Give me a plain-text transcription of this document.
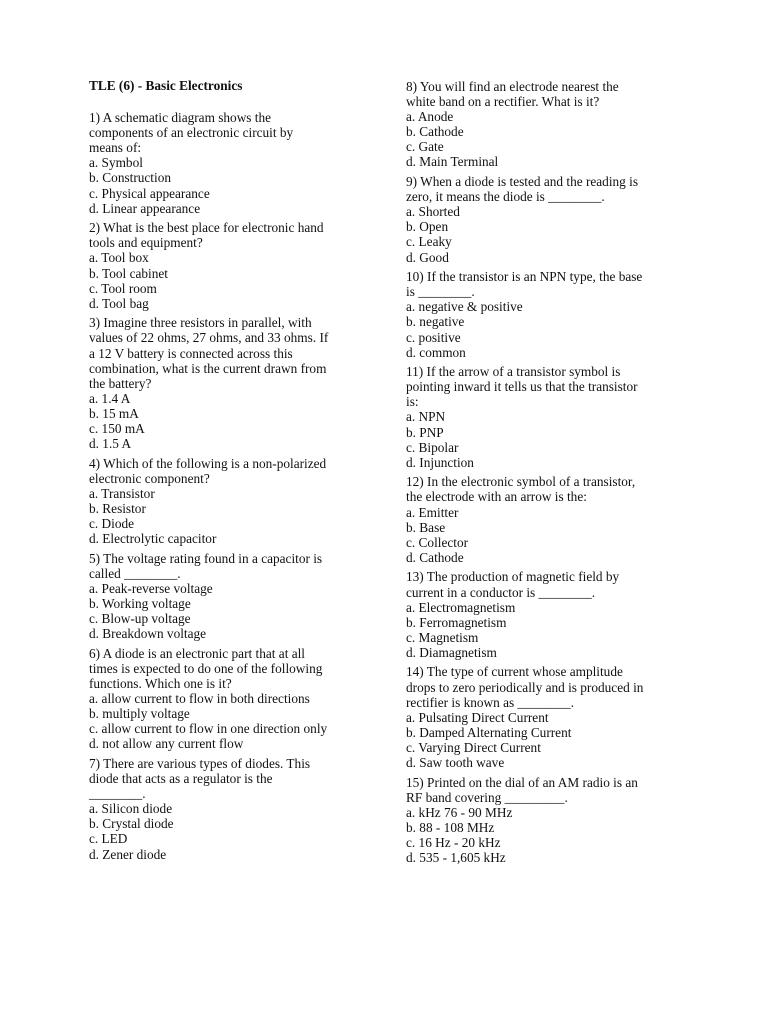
TLE (6) - Basic Electronics
1) A schematic diagram shows the
components of an electronic circuit by
means of:
a. Symbol
b. Construction
c. Physical appearance
d. Linear appearance
2) What is the best place for electronic hand
tools and equipment?
a. Tool box
b. Tool cabinet
c. Tool room
d. Tool bag
3) Imagine three resistors in parallel, with
values of 22 ohms, 27 ohms, and 33 ohms. If
a 12 V battery is connected across this
combination, what is the current drawn from
the battery?
a. 1.4 A
b. 15 mA
c. 150 mA
d. 1.5 A
4) Which of the following is a non-polarized
electronic component?
a. Transistor
b. Resistor
c. Diode
d. Electrolytic capacitor
5) The voltage rating found in a capacitor is
called ________.
a. Peak-reverse voltage
b. Working voltage
c. Blow-up voltage
d. Breakdown voltage
6) A diode is an electronic part that at all
times is expected to do one of the following
functions. Which one is it?
a. allow current to flow in both directions
b. multiply voltage
c. allow current to flow in one direction only
d. not allow any current flow
7) There are various types of diodes. This
diode that acts as a regulator is the
________.
a. Silicon diode
b. Crystal diode
c. LED
d. Zener diode
8) You will find an electrode nearest the
white band on a rectifier. What is it?
a. Anode
b. Cathode
c. Gate
d. Main Terminal
9) When a diode is tested and the reading is
zero, it means the diode is ________.
a. Shorted
b. Open
c. Leaky
d. Good
10) If the transistor is an NPN type, the base
is ________.
a. negative & positive
b. negative
c. positive
d. common
11) If the arrow of a transistor symbol is
pointing inward it tells us that the transistor
is:
a. NPN
b. PNP
c. Bipolar
d. Injunction
12) In the electronic symbol of a transistor,
the electrode with an arrow is the:
a. Emitter
b. Base
c. Collector
d. Cathode
13) The production of magnetic field by
current in a conductor is ________.
a. Electromagnetism
b. Ferromagnetism
c. Magnetism
d. Diamagnetism
14) The type of current whose amplitude
drops to zero periodically and is produced in
rectifier is known as ________.
a. Pulsating Direct Current
b. Damped Alternating Current
c. Varying Direct Current
d. Saw tooth wave
15) Printed on the dial of an AM radio is an
RF band covering _________.
a. kHz 76 - 90 MHz
b. 88 - 108 MHz
c. 16 Hz - 20 kHz
d. 535 - 1,605 kHz
